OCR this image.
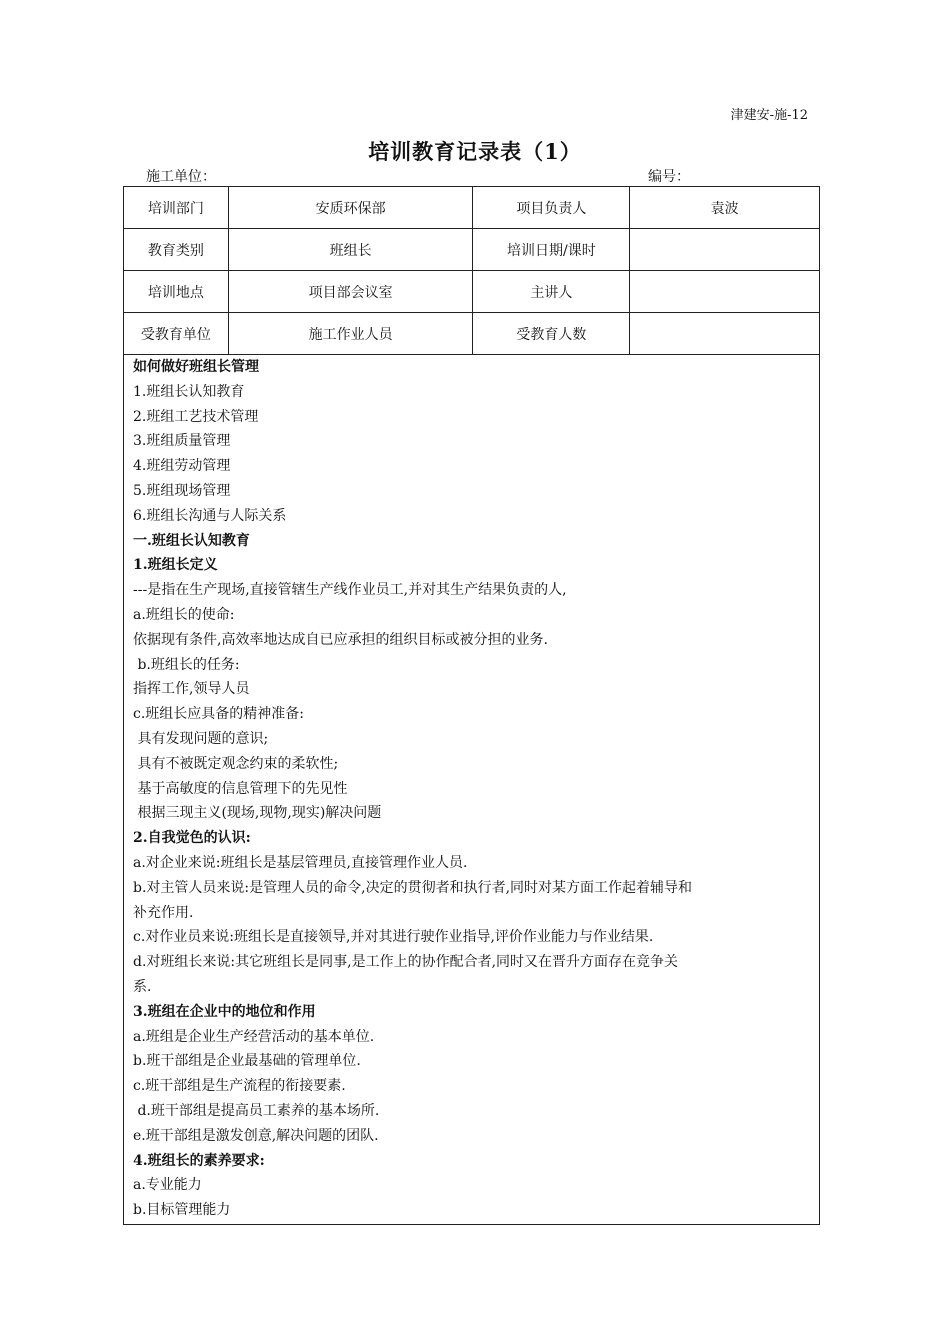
津建安-施-12
培训教育记录表（1）
施工单位：	编号：
培训部门	安质环保部	项目负责人	袁波
教育类别	班组长	培训日期/课时	
培训地点	项目部会议室	主讲人	
受教育单位	施工作业人员	受教育人数	
如何做好班组长管理
1.班组长认知教育
2.班组工艺技术管理
3.班组质量管理
4.班组劳动管理
5.班组现场管理
6.班组长沟通与人际关系
一.班组长认知教育
1.班组长定义
---是指在生产现场,直接管辖生产线作业员工,并对其生产结果负责的人,
a.班组长的使命:
依据现有条件,高效率地达成自已应承担的组织目标或被分担的业务.
b.班组长的任务:
指挥工作,领导人员
c.班组长应具备的精神准备:
具有发现问题的意识;
具有不被既定观念约束的柔软性;
基于高敏度的信息管理下的先见性
根据三现主义(现场,现物,现实)解决问题
2.自我觉色的认识:
a.对企业来说:班组长是基层管理员,直接管理作业人员.
b.对主管人员来说:是管理人员的命令,决定的贯彻者和执行者,同时对某方面工作起着辅导和
补充作用.
c.对作业员来说:班组长是直接领导,并对其进行驶作业指导,评价作业能力与作业结果.
d.对班组长来说:其它班组长是同事,是工作上的协作配合者,同时又在晋升方面存在竞争关
系.
3.班组在企业中的地位和作用
a.班组是企业生产经营活动的基本单位.
b.班干部组是企业最基础的管理单位.
c.班干部组是生产流程的衔接要素.
d.班干部组是提高员工素养的基本场所.
e.班干部组是激发创意,解决问题的团队.
4.班组长的素养要求:
a.专业能力
b.目标管理能力
